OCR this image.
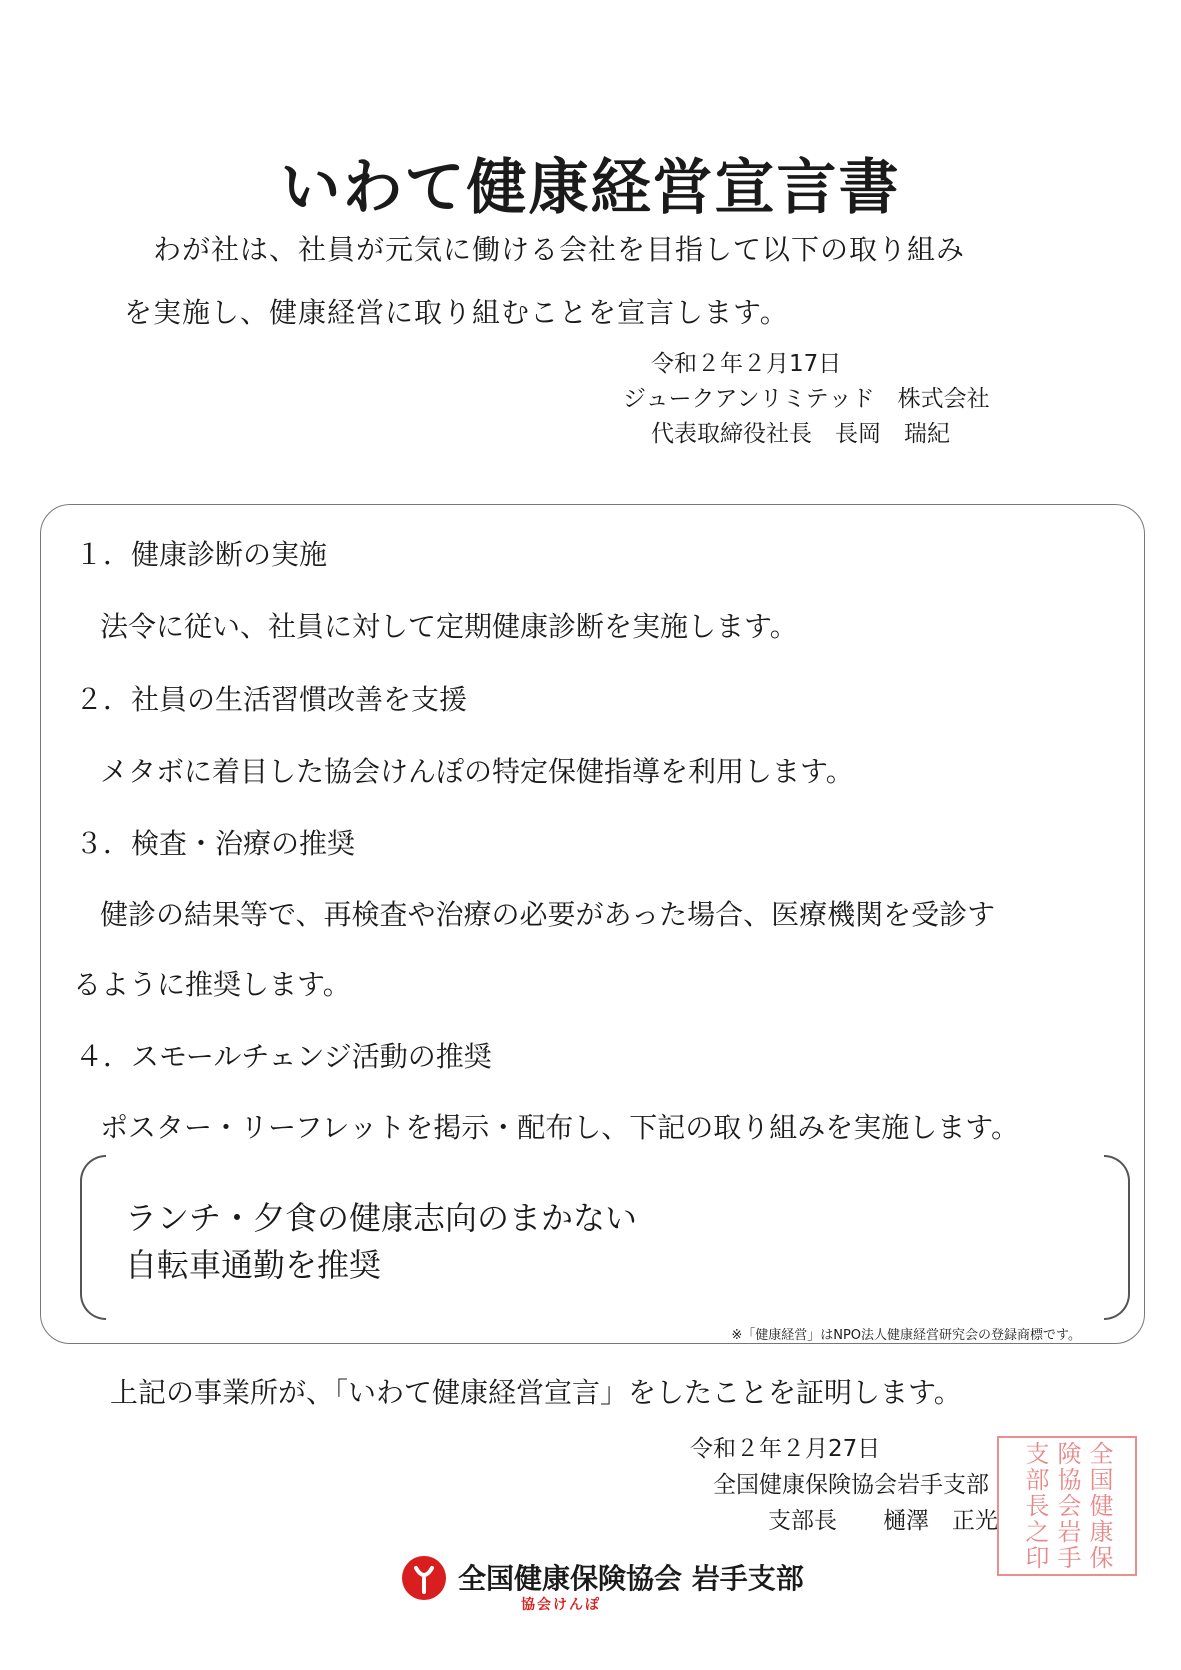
いわて健康経営宣言書
わが社は、社員が元気に働ける会社を目指して以下の取り組み
を実施し、健康経営に取り組むことを宣言します。
令和２年２月17日
ジュークアンリミテッド　株式会社
代表取締役社長　長岡　瑞紀
１．健康診断の実施
法令に従い、社員に対して定期健康診断を実施します。
２．社員の生活習慣改善を支援
メタボに着目した協会けんぽの特定保健指導を利用します。
３．検査・治療の推奨
健診の結果等で、再検査や治療の必要があった場合、医療機関を受診す
るように推奨します。
４．スモールチェンジ活動の推奨
ポスター・リーフレットを掲示・配布し、下記の取り組みを実施します。
ランチ・夕食の健康志向のまかない
自転車通勤を推奨
※「健康経営」はNPO法人健康経営研究会の登録商標です。
上記の事業所が、「いわて健康経営宣言」をしたことを証明します。
令和２年２月27日
全国健康保険協会岩手支部
支部長　　樋澤　正光	全国健康保険協会岩手支部長之印
全国健康保険協会 岩手支部
協会けんぽ
